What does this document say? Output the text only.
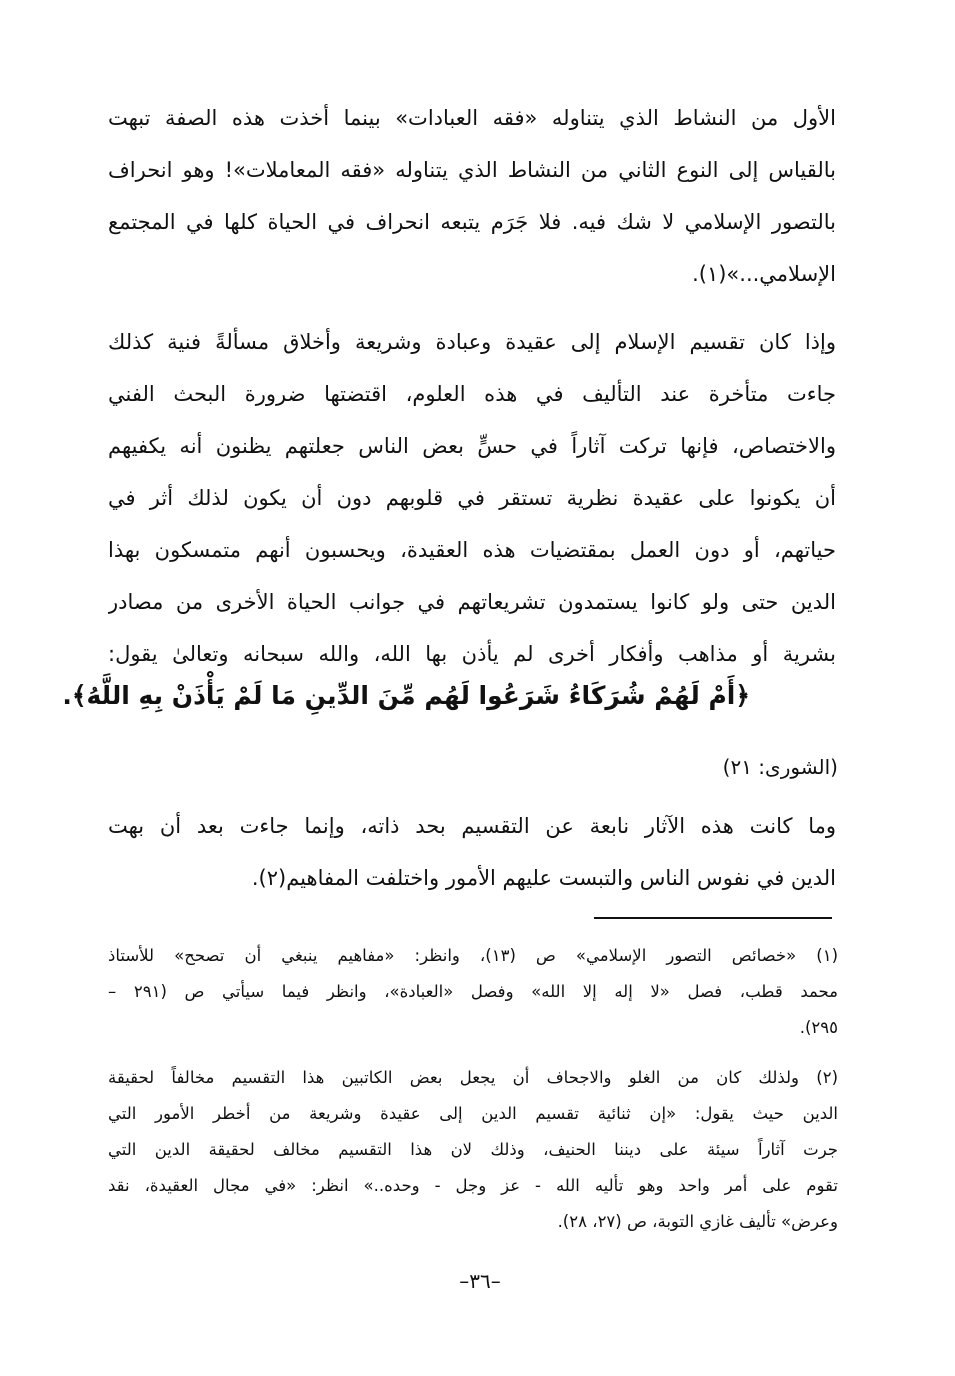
الأول من النشاط الذي يتناوله «فقه العبادات» بينما أخذت هذه الصفة تبهت
بالقياس إلى النوع الثاني من النشاط الذي يتناوله «فقه المعاملات»! وهو انحراف
بالتصور الإسلامي لا شك فيه. فلا جَرَم يتبعه انحراف في الحياة كلها في المجتمع
الإسلامي...»(١).
وإذا كان تقسيم الإسلام إلى عقيدة وعبادة وشريعة وأخلاق مسألةً فنية كذلك
جاءت متأخرة عند التأليف في هذه العلوم، اقتضتها ضرورة البحث الفني
والاختصاص، فإنها تركت آثاراً في حسٍّ بعض الناس جعلتهم يظنون أنه يكفيهم
أن يكونوا على عقيدة نظرية تستقر في قلوبهم دون أن يكون لذلك أثر في
حياتهم، أو دون العمل بمقتضيات هذه العقيدة، ويحسبون أنهم متمسكون بهذا
الدين حتى ولو كانوا يستمدون تشريعاتهم في جوانب الحياة الأخرى من مصادر
بشرية أو مذاهب وأفكار أخرى لم يأذن بها الله، والله سبحانه وتعالىٰ يقول:
﴿أَمْ لَهُمْ شُرَكَاءُ شَرَعُوا لَهُم مِّنَ الدِّينِ مَا لَمْ يَأْذَنْ بِهِ اللَّهُ﴾.
(الشورى: ٢١)
وما كانت هذه الآثار نابعة عن التقسيم بحد ذاته، وإنما جاءت بعد أن بهت
الدين في نفوس الناس والتبست عليهم الأمور واختلفت المفاهيم(٢).
(١) «خصائص التصور الإسلامي» ص (١٣)، وانظر: «مفاهيم ينبغي أن تصحح» للأستاذ
محمد قطب، فصل «لا إله إلا الله» وفصل «العبادة»، وانظر فيما سيأتي ص (٢٩١ –
٢٩٥).
(٢) ولذلك كان من الغلو والاجحاف أن يجعل بعض الكاتبين هذا التقسيم مخالفاً لحقيقة
الدين حيث يقول: «إن ثنائية تقسيم الدين إلى عقيدة وشريعة من أخطر الأمور التي
جرت آثاراً سيئة على ديننا الحنيف، وذلك لان هذا التقسيم مخالف لحقيقة الدين التي
تقوم على أمر واحد وهو تأليه الله - عز وجل - وحده..» انظر: «في مجال العقيدة، نقد
وعرض» تأليف غازي التوبة، ص (٢٧، ٢٨).
–٣٦–
